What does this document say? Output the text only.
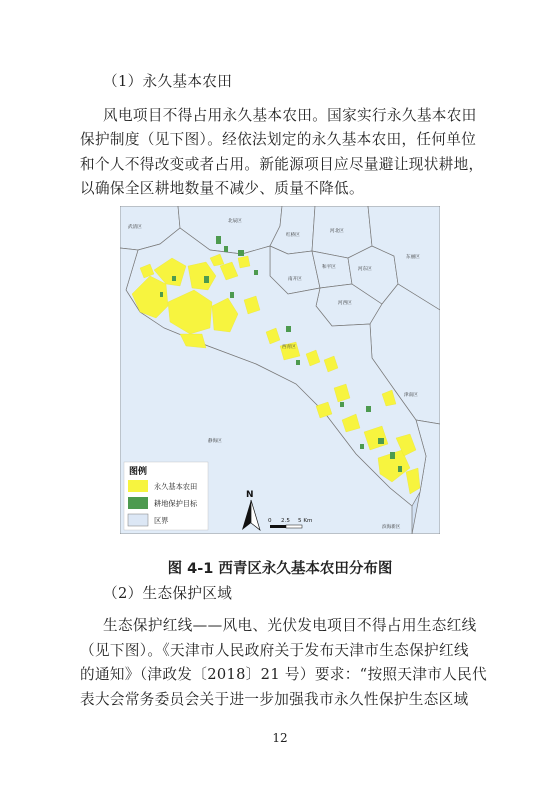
（1）永久基本农田
风电项目不得占用永久基本农田。国家实行永久基本农田
保护制度（见下图）。经依法划定的永久基本农田，任何单位
和个人不得改变或者占用。新能源项目应尽量避让现状耕地，
以确保全区耕地数量不减少、质量不降低。
武清区
北辰区
红桥区
河北区
南开区
和平区
河西区
河东区
东丽区
西青区
津南区
静海区
滨海新区
图例
永久基本农田
耕地保护目标
区界
N
0 2.5 5 Km
图 4-1 西青区永久基本农田分布图
（2）生态保护区域
生态保护红线——风电、光伏发电项目不得占用生态红线
（见下图）。《天津市人民政府关于发布天津市生态保护红线
的通知》（津政发〔2018〕21 号）要求：“按照天津市人民代
表大会常务委员会关于进一步加强我市永久性保护生态区域
12
